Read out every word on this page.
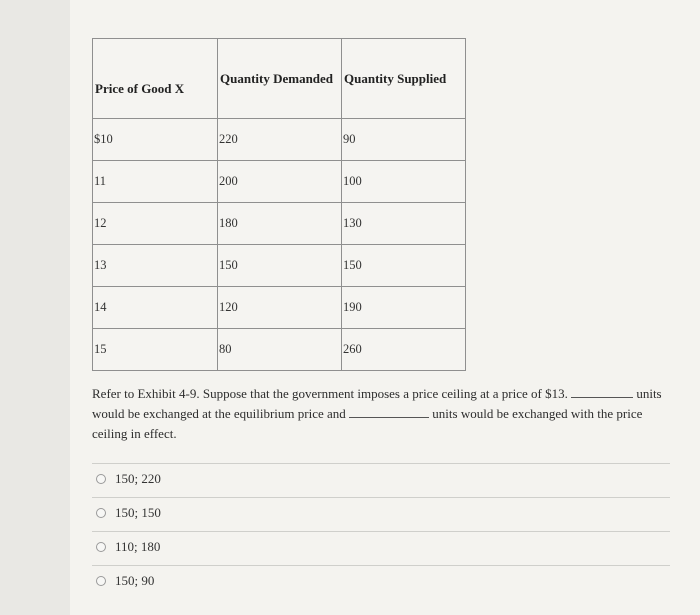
Price of Good X	Quantity Demanded	Quantity Supplied
$10	220	90
11	200	100
12	180	130
13	150	150
14	120	190
15	80	260
Refer to Exhibit 4-9. Suppose that the government imposes a price ceiling at a price of $13.	units would be exchanged at the equilibrium price and	units would be exchanged with the price ceiling in effect.
150; 220
150; 150
110; 180
150; 90
